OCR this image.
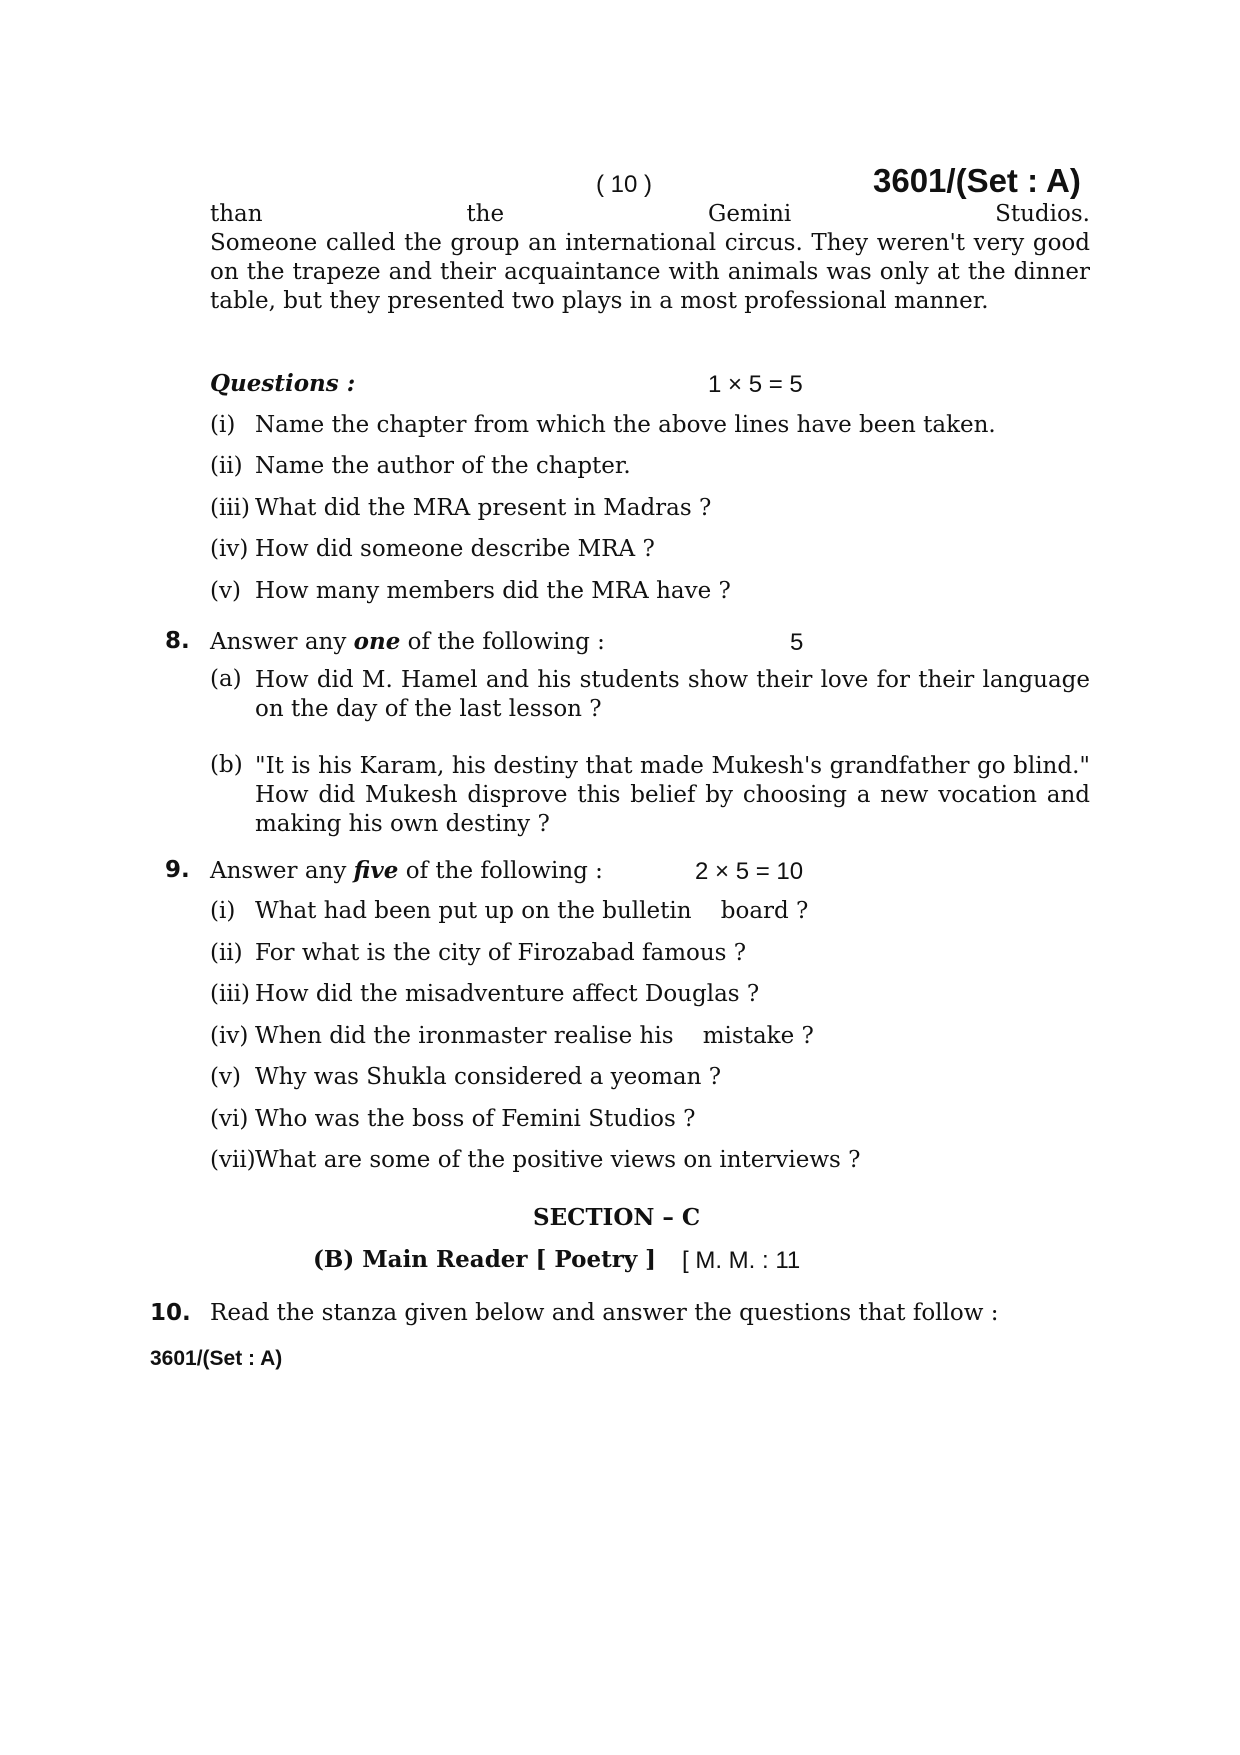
( 10 )	3601/(Set : A)
than	the	Gemini	Studios.
Someone called the group an international circus. They weren't very good on the trapeze and their acquaintance with animals was only at the dinner table, but they presented two plays in a most professional manner.
Questions :	1 × 5 = 5
(i) Name the chapter from which the above lines have been taken.
(ii) Name the author of the chapter.
(iii) What did the MRA present in Madras ?
(iv) How did someone describe MRA ?
(v) How many members did the MRA have ?
8. Answer any one of the following :	5
(a) How did M. Hamel and his students show their love for their language on the day of the last lesson ?
(b) "It is his Karam, his destiny that made Mukesh's grandfather go blind." How did Mukesh disprove this belief by choosing a new vocation and making his own destiny ?
9. Answer any five of the following :	2 × 5 = 10
(i) What had been put up on the bulletin    board ?
(ii) For what is the city of Firozabad famous ?
(iii) How did the misadventure affect Douglas ?
(iv) When did the ironmaster realise his    mistake ?
(v) Why was Shukla considered a yeoman ?
(vi) Who was the boss of Femini Studios ?
(vii) What are some of the positive views on interviews ?
SECTION – C
(B) Main Reader [ Poetry ] [ M. M. : 11
10. Read the stanza given below and answer the questions that follow :
3601/(Set : A)
